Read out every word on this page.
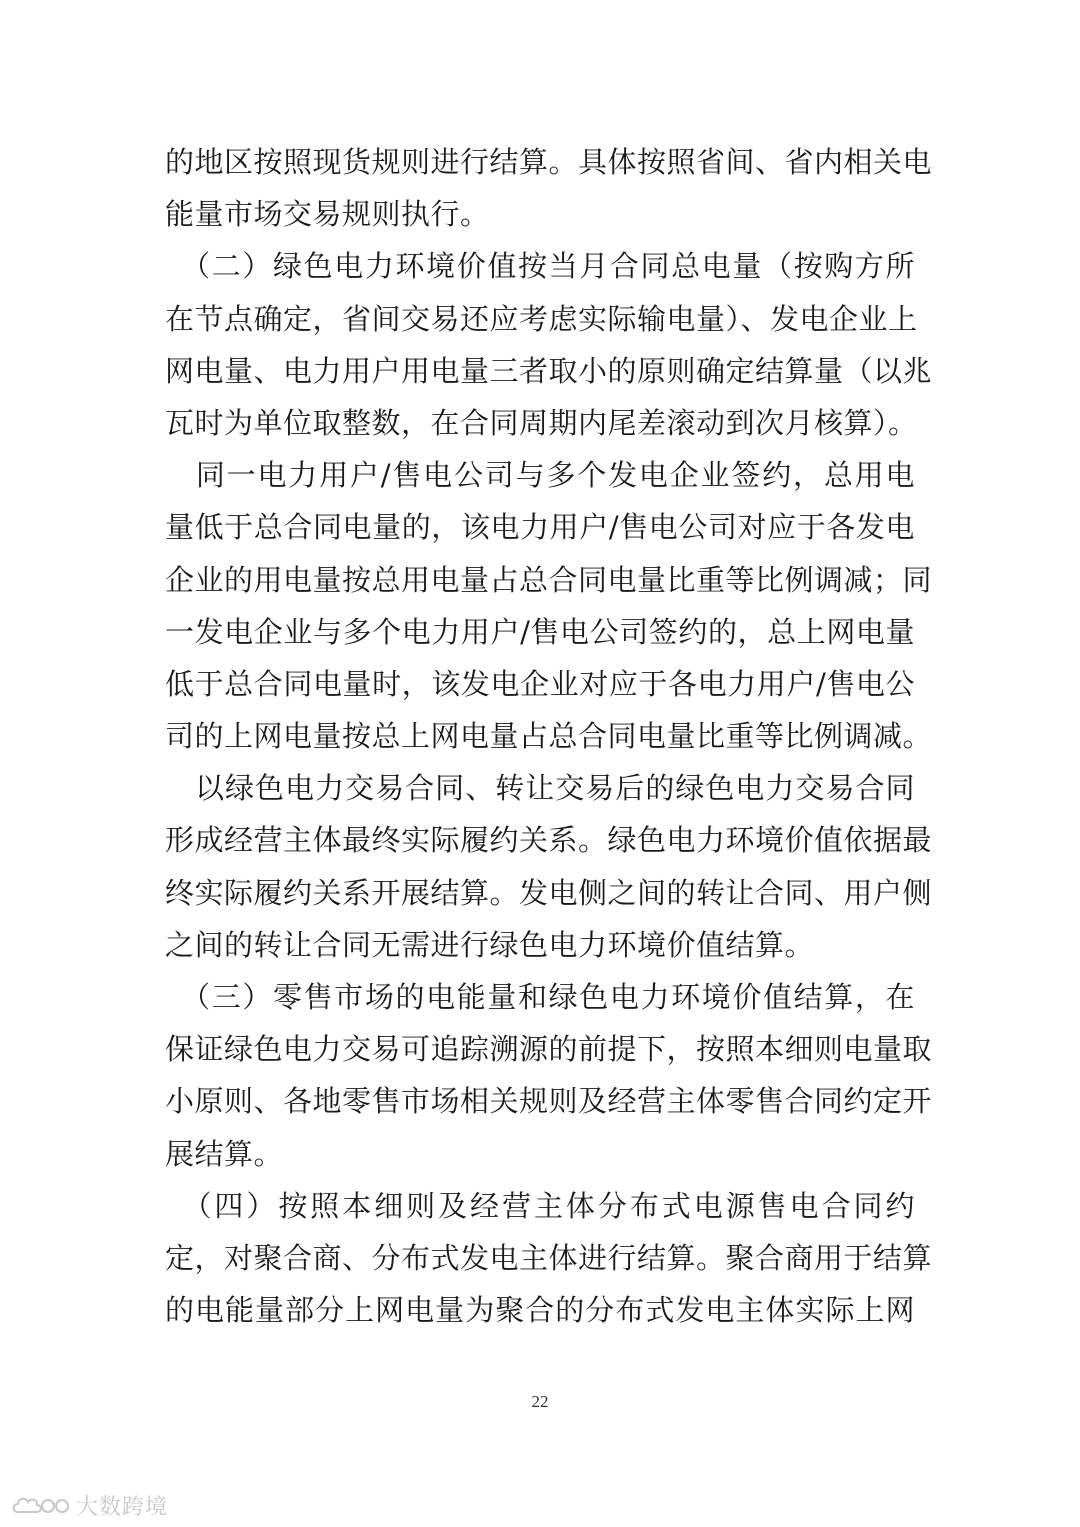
的地区按照现货规则进行结算。具体按照省间、省内相关电
能量市场交易规则执行。
　（二）绿色电力环境价值按当月合同总电量（按购方所
在节点确定，省间交易还应考虑实际输电量）、发电企业上
网电量、电力用户用电量三者取小的原则确定结算量（以兆
瓦时为单位取整数，在合同周期内尾差滚动到次月核算）。
　同一电力用户/售电公司与多个发电企业签约，总用电
量低于总合同电量的，该电力用户/售电公司对应于各发电
企业的用电量按总用电量占总合同电量比重等比例调减；同
一发电企业与多个电力用户/售电公司签约的，总上网电量
低于总合同电量时，该发电企业对应于各电力用户/售电公
司的上网电量按总上网电量占总合同电量比重等比例调减。
　以绿色电力交易合同、转让交易后的绿色电力交易合同
形成经营主体最终实际履约关系。绿色电力环境价值依据最
终实际履约关系开展结算。发电侧之间的转让合同、用户侧
之间的转让合同无需进行绿色电力环境价值结算。
　（三）零售市场的电能量和绿色电力环境价值结算，在
保证绿色电力交易可追踪溯源的前提下，按照本细则电量取
小原则、各地零售市场相关规则及经营主体零售合同约定开
展结算。
　（四）按照本细则及经营主体分布式电源售电合同约
定，对聚合商、分布式发电主体进行结算。聚合商用于结算
的电能量部分上网电量为聚合的分布式发电主体实际上网
22
大数跨境
